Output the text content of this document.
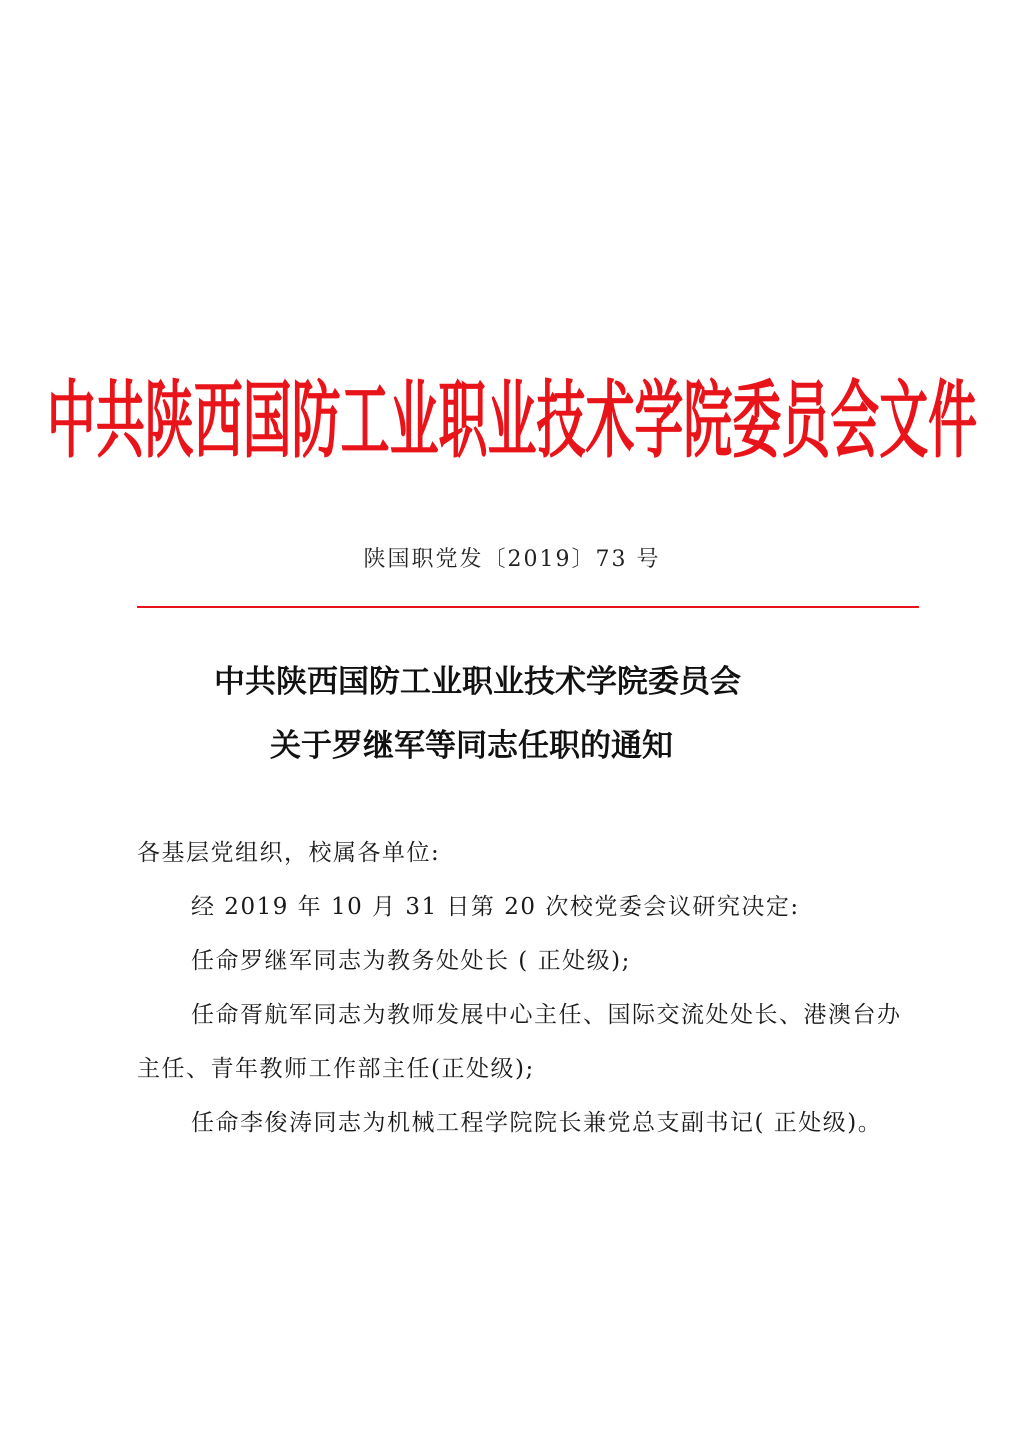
中共陕西国防工业职业技术学院委员会文件
陕国职党发〔2019〕73 号
中共陕西国防工业职业技术学院委员会
关于罗继军等同志任职的通知
各基层党组织，校属各单位:

经 2019 年 10 月 31 日第 20 次校党委会议研究决定:

任命罗继军同志为教务处处长 ( 正处级);

任命胥航军同志为教师发展中心主任、国际交流处处长、港澳台办主任、青年教师工作部主任(正处级);

任命李俊涛同志为机械工程学院院长兼党总支副书记( 正处级)。
